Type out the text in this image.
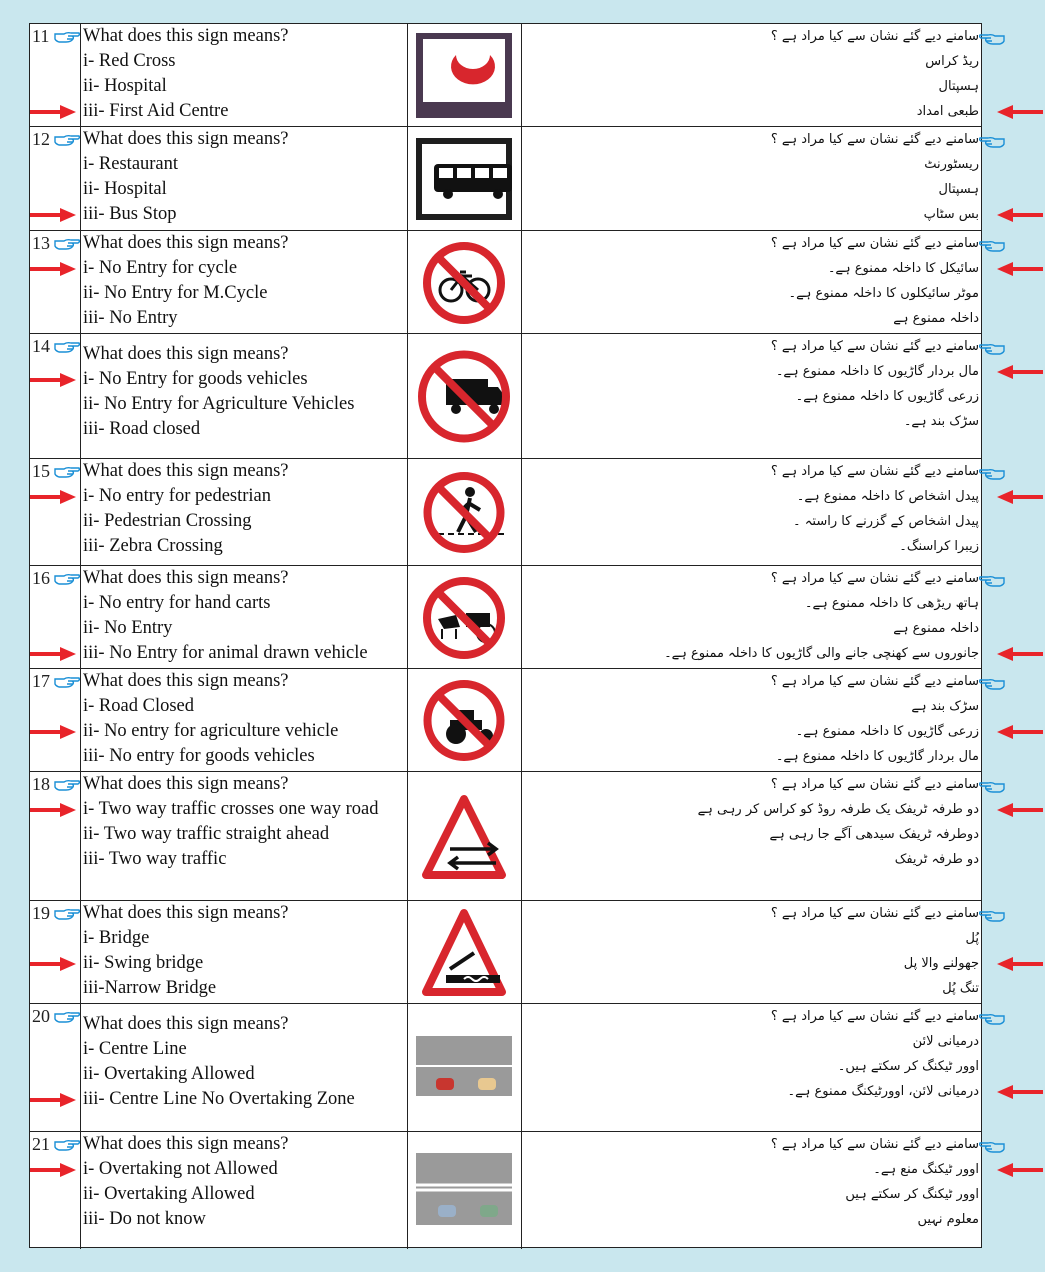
11 What does this sign means?
i- Red Cross
ii- Hospital
iii- First Aid Centre
سامنے دیے گئے نشان سے کیا مراد ہے ؟
ریڈ کراس
ہسپتال
طبعی امداد
12 What does this sign means?
i- Restaurant
ii- Hospital
iii- Bus Stop
سامنے دیے گئے نشان سے کیا مراد ہے ؟
ریسٹورنٹ
ہسپتال
بس سٹاپ
13 What does this sign means?
i- No Entry for cycle
ii- No Entry for M.Cycle
iii- No Entry
سامنے دیے گئے نشان سے کیا مراد ہے ؟
سائیکل کا داخلہ ممنوع ہے۔
موٹر سائیکلوں کا داخلہ ممنوع ہے۔
داخلہ ممنوع ہے
14 What does this sign means?
i- No Entry for goods vehicles
ii- No Entry for Agriculture Vehicles
iii- Road closed
سامنے دیے گئے نشان سے کیا مراد ہے ؟
مال بردار گاڑیوں کا داخلہ ممنوع ہے۔
زرعی گاڑیوں کا داخلہ ممنوع ہے۔
سڑک بند ہے۔
15 What does this sign means?
i- No entry for pedestrian
ii- Pedestrian Crossing
iii- Zebra Crossing
سامنے دیے گئے نشان سے کیا مراد ہے ؟
پیدل اشخاص کا داخلہ ممنوع ہے۔
پیدل اشخاص کے گزرنے کا راستہ ۔
زیبرا کراسنگ۔
16 What does this sign means?
i- No entry for hand carts
ii- No Entry
iii- No Entry for animal drawn vehicle
سامنے دیے گئے نشان سے کیا مراد ہے ؟
ہاتھ ریڑھی کا داخلہ ممنوع ہے۔
داخلہ ممنوع ہے
جانوروں سے کھنچی جانے والی گاڑیوں کا داخلہ ممنوع ہے۔
17 What does this sign means?
i- Road Closed
ii- No entry for agriculture vehicle
iii- No entry for goods vehicles
سامنے دیے گئے نشان سے کیا مراد ہے ؟
سڑک بند ہے
زرعی گاڑیوں کا داخلہ ممنوع ہے۔
مال بردار گاڑیوں کا داخلہ ممنوع ہے۔
18 What does this sign means?
i- Two way traffic crosses one way road
ii- Two way traffic straight ahead
iii- Two way traffic
سامنے دیے گئے نشان سے کیا مراد ہے ؟
دو طرفہ ٹریفک یک طرفہ روڈ کو کراس کر رہی ہے
دوطرفہ ٹریفک سیدھی آگے جا رہی ہے
دو طرفہ ٹریفک
19 What does this sign means?
i- Bridge
ii- Swing bridge
iii-Narrow Bridge
سامنے دیے گئے نشان سے کیا مراد ہے ؟
پُل
جھولنے والا پل
تنگ پُل
20 What does this sign means?
i- Centre Line
ii- Overtaking Allowed
iii- Centre Line No Overtaking Zone
سامنے دیے گئے نشان سے کیا مراد ہے ؟
درمیانی لائن
اوور ٹیکنگ کر سکتے ہیں۔
درمیانی لائن، اوورٹیکنگ ممنوع ہے۔
21 What does this sign means?
i- Overtaking not Allowed
ii- Overtaking Allowed
iii- Do not know
سامنے دیے گئے نشان سے کیا مراد ہے ؟
اوور ٹیکنگ منع ہے۔
اوور ٹیکنگ کر سکتے ہیں
معلوم نہیں
